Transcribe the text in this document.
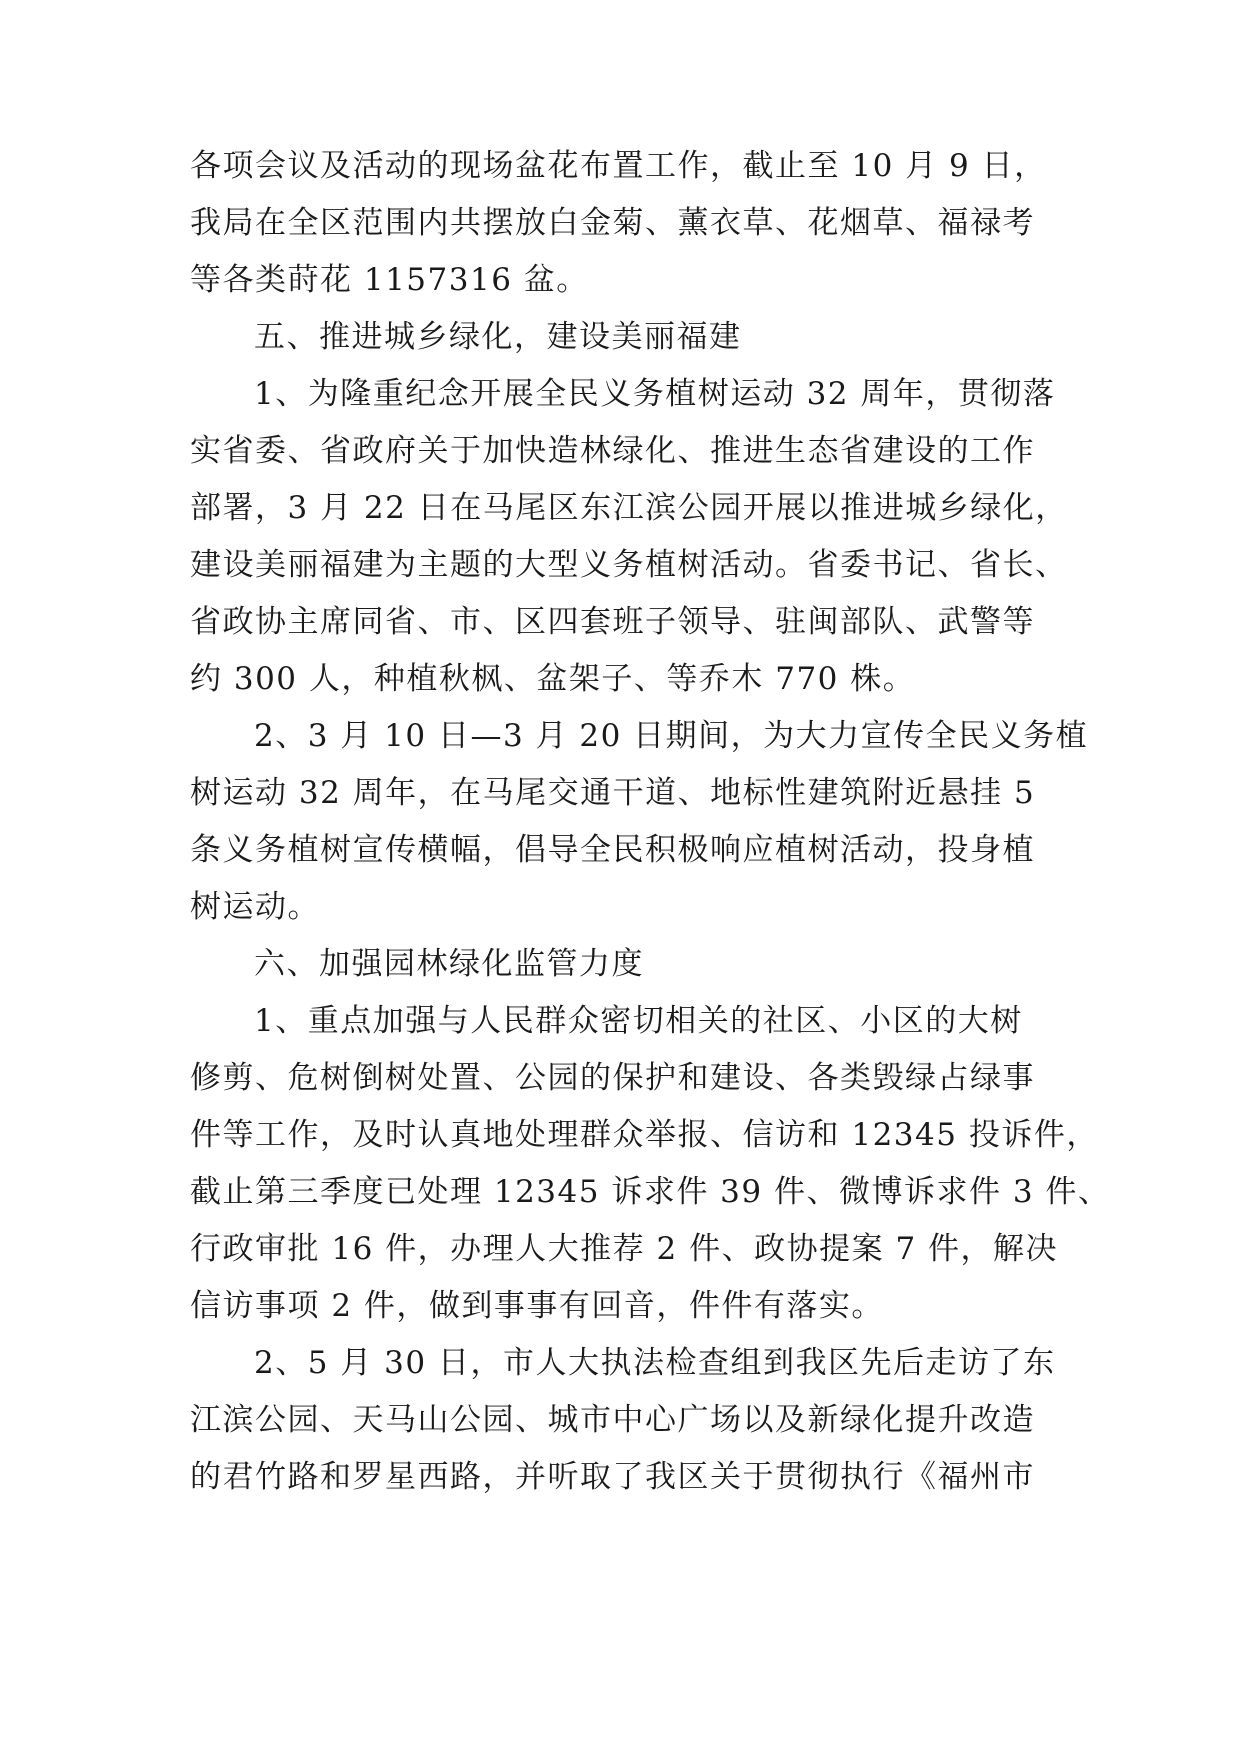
各项会议及活动的现场盆花布置工作，截止至 10 月 9 日，
我局在全区范围内共摆放白金菊、薰衣草、花烟草、福禄考
等各类莳花 1157316 盆。
五、推进城乡绿化，建设美丽福建
1、为隆重纪念开展全民义务植树运动 32 周年，贯彻落
实省委、省政府关于加快造林绿化、推进生态省建设的工作
部署，3 月 22 日在马尾区东江滨公园开展以推进城乡绿化，
建设美丽福建为主题的大型义务植树活动。省委书记、省长、
省政协主席同省、市、区四套班子领导、驻闽部队、武警等
约 300 人，种植秋枫、盆架子、等乔木 770 株。
2、3 月 10 日—3 月 20 日期间，为大力宣传全民义务植
树运动 32 周年，在马尾交通干道、地标性建筑附近悬挂 5
条义务植树宣传横幅，倡导全民积极响应植树活动，投身植
树运动。
六、加强园林绿化监管力度
1、重点加强与人民群众密切相关的社区、小区的大树
修剪、危树倒树处置、公园的保护和建设、各类毁绿占绿事
件等工作，及时认真地处理群众举报、信访和 12345 投诉件，
截止第三季度已处理 12345 诉求件 39 件、微博诉求件 3 件、
行政审批 16 件，办理人大推荐 2 件、政协提案 7 件，解决
信访事项 2 件，做到事事有回音，件件有落实。
2、5 月 30 日，市人大执法检查组到我区先后走访了东
江滨公园、天马山公园、城市中心广场以及新绿化提升改造
的君竹路和罗星西路，并听取了我区关于贯彻执行《福州市
